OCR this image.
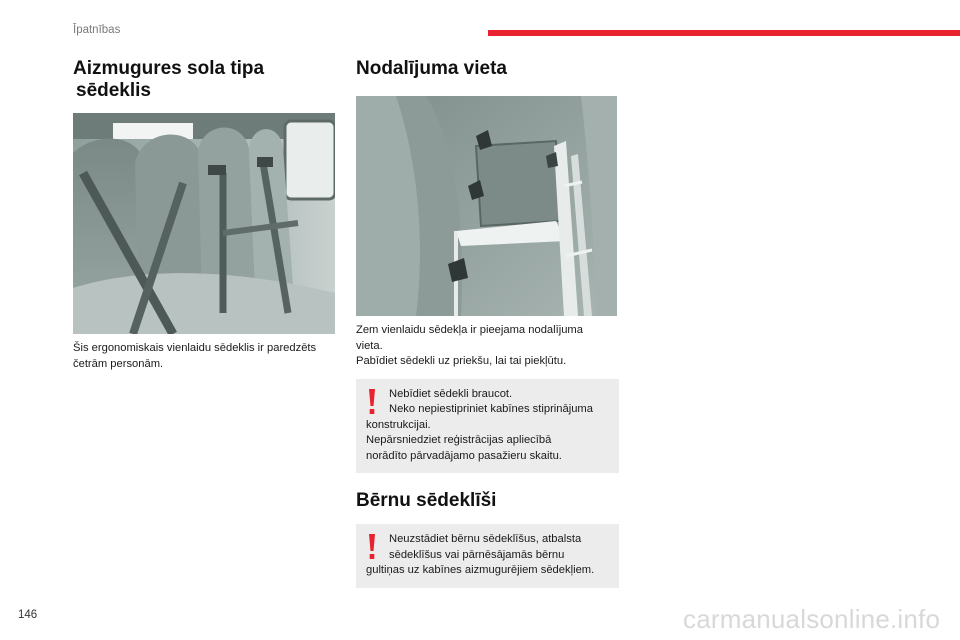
Īpatnības
Aizmugures sola tipa
sēdeklis
Šis ergonomiskais vienlaidu sēdeklis ir paredzēts
četrām personām.
Nodalījuma vieta
Zem vienlaidu sēdekļa ir pieejama nodalījuma
vieta.
Pabīdiet sēdekli uz priekšu, lai tai piekļūtu.
Nebīdiet sēdekli braucot.
Neko nepiestipriniet kabīnes stiprinājuma
konstrukcijai.
Nepārsniedziet reģistrācijas apliecībā
norādīto pārvadājamo pasažieru skaitu.
Bērnu sēdeklīši
Neuzstādiet bērnu sēdeklīšus, atbalsta
sēdeklīšus vai pārnēsājamās bērnu
gultiņas uz kabīnes aizmugurējiem sēdekļiem.
146	carmanualsonline.info
